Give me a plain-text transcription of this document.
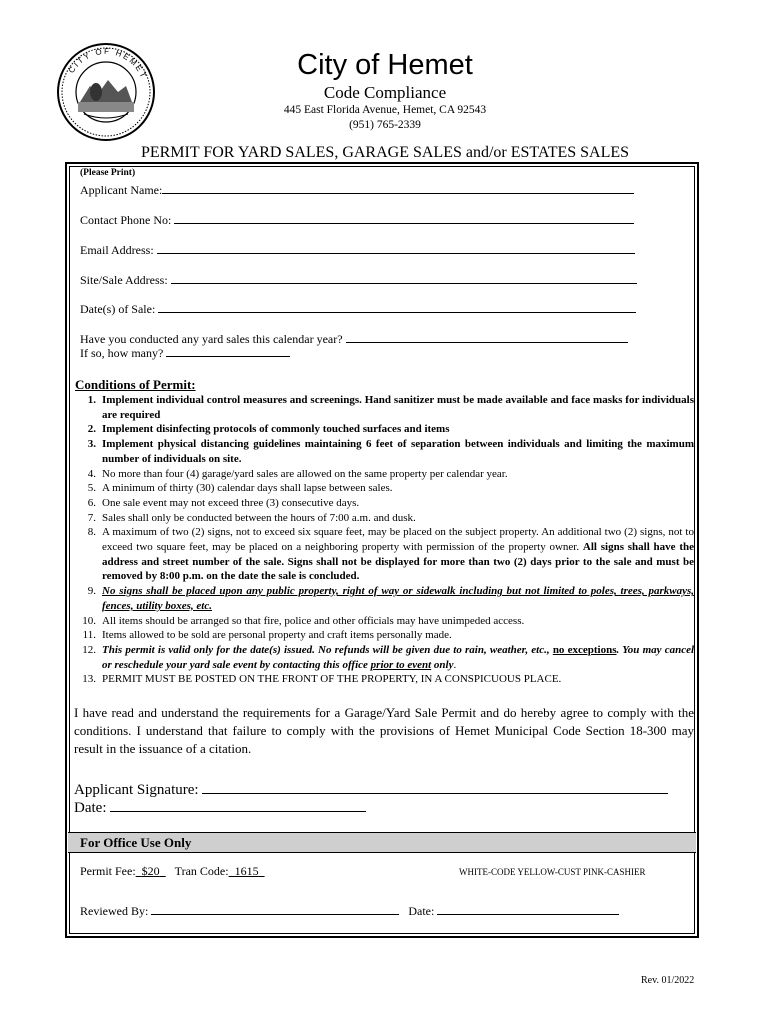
CITY OF HEMET	City of Hemet
Code Compliance
445 East Florida Avenue, Hemet, CA 92543
(951) 765-2339
PERMIT FOR YARD SALES, GARAGE SALES and/or ESTATES SALES
(Please Print)
Applicant Name:
Contact Phone No:
Email Address:
Site/Sale Address:
Date(s) of Sale:
Have you conducted any yard sales this calendar year?
If so, how many?
Conditions of Permit:
1. Implement individual control measures and screenings. Hand sanitizer must be made available and face masks for individuals are required
2. Implement disinfecting protocols of commonly touched surfaces and items
3. Implement physical distancing guidelines maintaining 6 feet of separation between individuals and limiting the maximum number of individuals on site.
4. No more than four (4) garage/yard sales are allowed on the same property per calendar year.
5. A minimum of thirty (30) calendar days shall lapse between sales.
6. One sale event may not exceed three (3) consecutive days.
7. Sales shall only be conducted between the hours of 7:00 a.m. and dusk.
8. A maximum of two (2) signs, not to exceed six square feet, may be placed on the subject property. An additional two (2) signs, not to exceed two square feet, may be placed on a neighboring property with permission of the property owner. All signs shall have the address and street number of the sale. Signs shall not be displayed for more than two (2) days prior to the sale and must be removed by 8:00 p.m. on the date the sale is concluded.
9. No signs shall be placed upon any public property, right of way or sidewalk including but not limited to poles, trees, parkways, fences, utility boxes, etc.
10. All items should be arranged so that fire, police and other officials may have unimpeded access.
11. Items allowed to be sold are personal property and craft items personally made.
12. This permit is valid only for the date(s) issued. No refunds will be given due to rain, weather, etc., no exceptions. You may cancel or reschedule your yard sale event by contacting this office prior to event only.
13. PERMIT MUST BE POSTED ON THE FRONT OF THE PROPERTY, IN A CONSPICUOUS PLACE.
I have read and understand the requirements for a Garage/Yard Sale Permit and do hereby agree to comply with the conditions. I understand that failure to comply with the provisions of Hemet Municipal Code Section 18-300 may result in the issuance of a citation.
Applicant Signature:
Date:
For Office Use Only
Permit Fee: $20 Tran Code: 1615	WHITE-CODE YELLOW-CUST PINK-CASHIER
Reviewed By:	Date:
Rev. 01/2022
